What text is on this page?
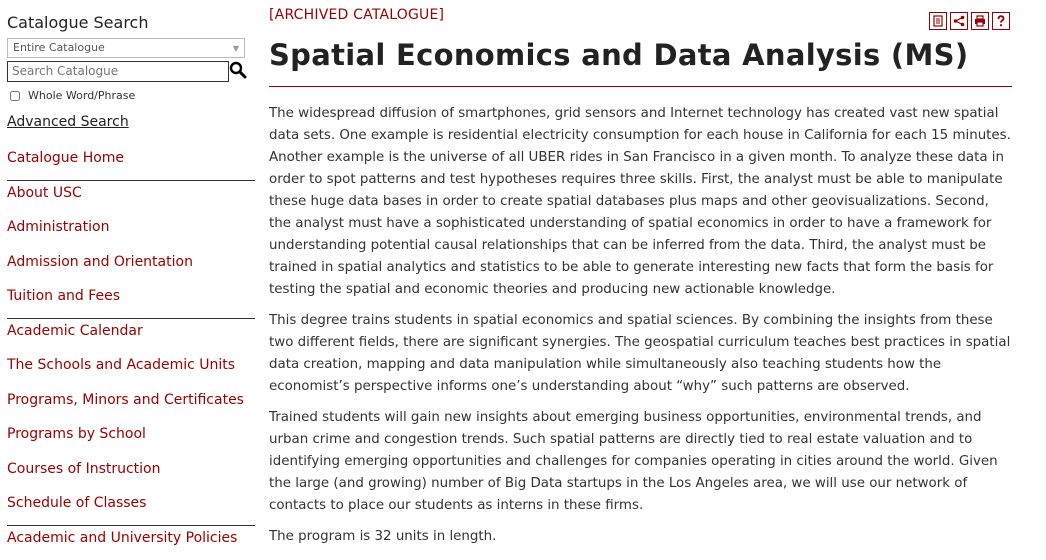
Catalogue Search
Entire Catalogue	▼
Search Catalogue
Whole Word/Phrase
Advanced Search
Catalogue Home
About USC
Administration
Admission and Orientation
Tuition and Fees
Academic Calendar
The Schools and Academic Units
Programs, Minors and Certificates
Programs by School
Courses of Instruction
Schedule of Classes
Academic and University Policies
[ARCHIVED CATALOGUE]
Spatial Economics and Data Analysis (MS)

The widespread diffusion of smartphones, grid sensors and Internet technology has created vast new spatial data sets. One example is residential electricity consumption for each house in California for each 15 minutes. Another example is the universe of all UBER rides in San Francisco in a given month. To analyze these data in order to spot patterns and test hypotheses requires three skills. First, the analyst must be able to manipulate these huge data bases in order to create spatial databases plus maps and other geovisualizations. Second, the analyst must have a sophisticated understanding of spatial economics in order to have a framework for understanding potential causal relationships that can be inferred from the data. Third, the analyst must be trained in spatial analytics and statistics to be able to generate interesting new facts that form the basis for testing the spatial and economic theories and producing new actionable knowledge.

This degree trains students in spatial economics and spatial sciences. By combining the insights from these two different fields, there are significant synergies. The geospatial curriculum teaches best practices in spatial data creation, mapping and data manipulation while simultaneously also teaching students how the economist’s perspective informs one’s understanding about “why” such patterns are observed.

Trained students will gain new insights about emerging business opportunities, environmental trends, and urban crime and congestion trends. Such spatial patterns are directly tied to real estate valuation and to identifying emerging opportunities and challenges for companies operating in cities around the world. Given the large (and growing) number of Big Data startups in the Los Angeles area, we will use our network of contacts to place our students as interns in these firms.

The program is 32 units in length.
